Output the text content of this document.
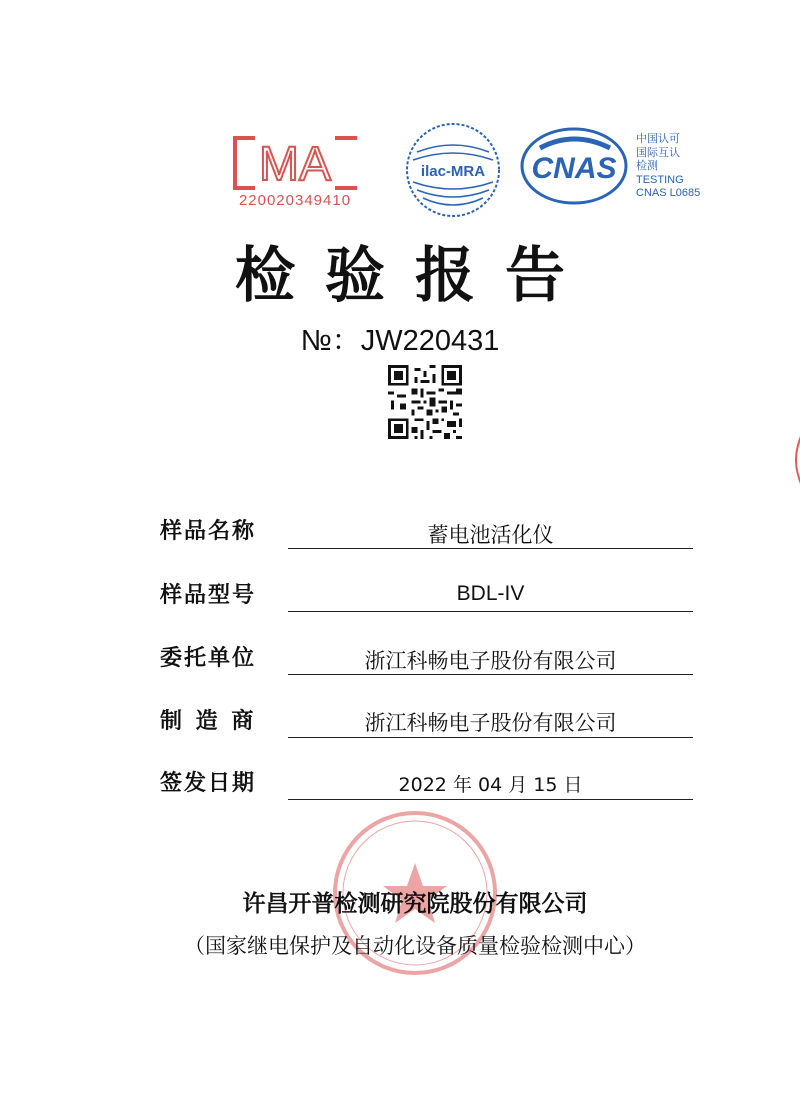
MA
220020349410
ilac-MRA CNAS
中国认可
国际互认
检测
TESTING
CNAS L0685
检验报告
№：JW220431
样品名称	蓄电池活化仪
样品型号	BDL-IV
委托单位	浙江科畅电子股份有限公司
制 造 商	浙江科畅电子股份有限公司
签发日期	2022 年 04 月 15 日
许昌开普检测研究院股份有限公司
（国家继电保护及自动化设备质量检验检测中心）
